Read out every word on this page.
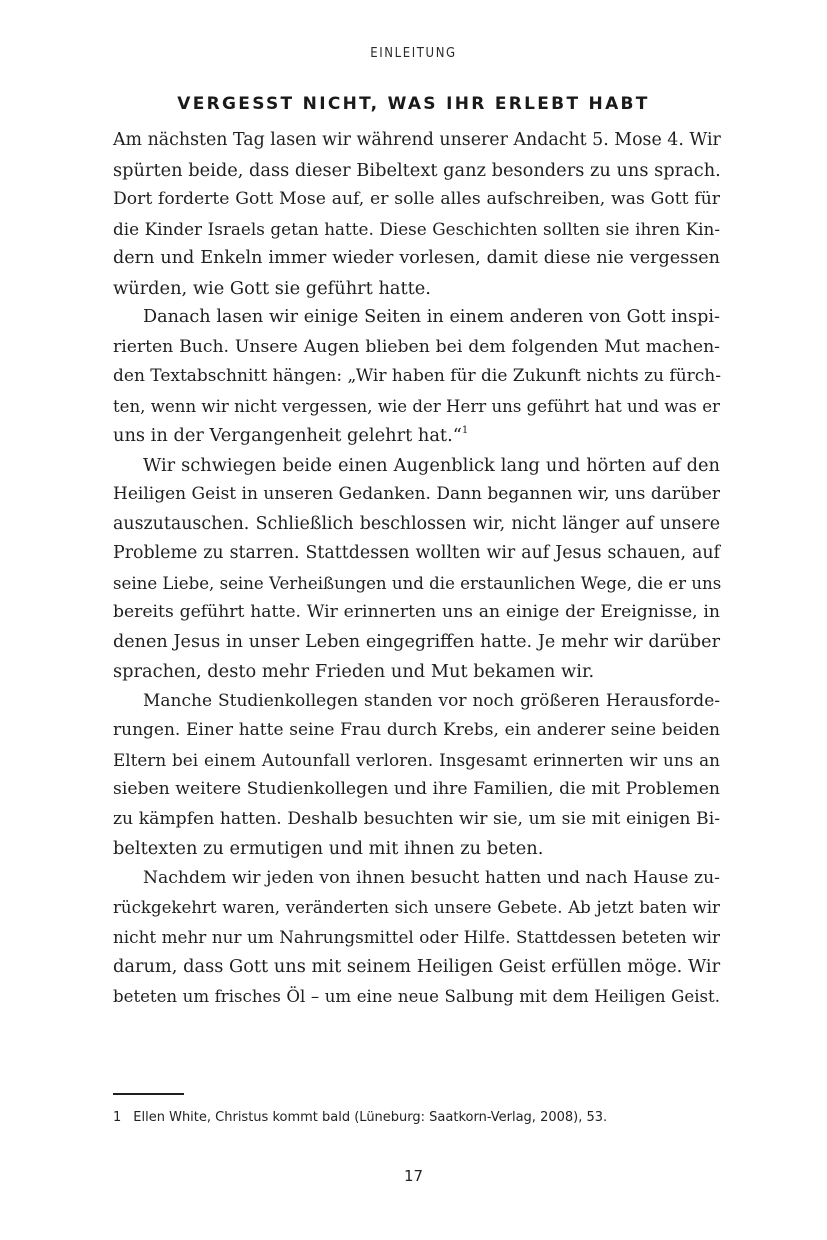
EINLEITUNG
VERGESST NICHT, WAS IHR ERLEBT HABT
Am nächsten Tag lasen wir während unserer Andacht 5. Mose 4. Wir
spürten beide, dass dieser Bibeltext ganz besonders zu uns sprach.
Dort forderte Gott Mose auf, er solle alles aufschreiben, was Gott für
die Kinder Israels getan hatte. Diese Geschichten sollten sie ihren Kin-
dern und Enkeln immer wieder vorlesen, damit diese nie vergessen
würden, wie Gott sie geführt hatte.
Danach lasen wir einige Seiten in einem anderen von Gott inspi-
rierten Buch. Unsere Augen blieben bei dem folgenden Mut machen-
den Textabschnitt hängen: „Wir haben für die Zukunft nichts zu fürch-
ten, wenn wir nicht vergessen, wie der Herr uns geführt hat und was er
uns in der Vergangenheit gelehrt hat.“$^1$
Wir schwiegen beide einen Augenblick lang und hörten auf den
Heiligen Geist in unseren Gedanken. Dann begannen wir, uns darüber
auszutauschen. Schließlich beschlossen wir, nicht länger auf unsere
Probleme zu starren. Stattdessen wollten wir auf Jesus schauen, auf
seine Liebe, seine Verheißungen und die erstaunlichen Wege, die er uns
bereits geführt hatte. Wir erinnerten uns an einige der Ereignisse, in
denen Jesus in unser Leben eingegriffen hatte. Je mehr wir darüber
sprachen, desto mehr Frieden und Mut bekamen wir.
Manche Studienkollegen standen vor noch größeren Herausforde-
rungen. Einer hatte seine Frau durch Krebs, ein anderer seine beiden
Eltern bei einem Autounfall verloren. Insgesamt erinnerten wir uns an
sieben weitere Studienkollegen und ihre Familien, die mit Problemen
zu kämpfen hatten. Deshalb besuchten wir sie, um sie mit einigen Bi-
beltexten zu ermutigen und mit ihnen zu beten.
Nachdem wir jeden von ihnen besucht hatten und nach Hause zu-
rückgekehrt waren, veränderten sich unsere Gebete. Ab jetzt baten wir
nicht mehr nur um Nahrungsmittel oder Hilfe. Stattdessen beteten wir
darum, dass Gott uns mit seinem Heiligen Geist erfüllen möge. Wir
beteten um frisches Öl – um eine neue Salbung mit dem Heiligen Geist.
1 Ellen White, Christus kommt bald (Lüneburg: Saatkorn-Verlag, 2008), 53.
17
